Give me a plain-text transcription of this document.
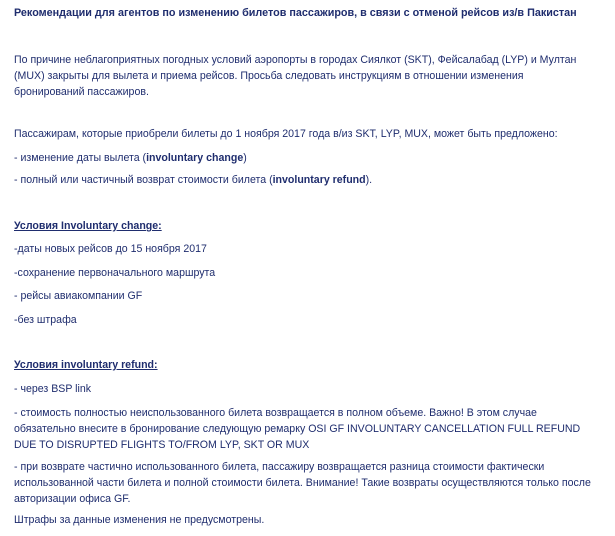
Рекомендации для агентов по изменению билетов пассажиров, в связи с отменой рейсов из/в Пакистан

По причине неблагоприятных погодных условий аэропорты в городах Сиялкот (SKT), Фейсалабад (LYP) и Мултан (MUX) закрыты для вылета и приема рейсов. Просьба следовать инструкциям в отношении изменения бронирований пассажиров.

Пассажирам, которые приобрели билеты до 1 ноября 2017 года в/из SKT, LYP, MUX, может быть предложено:

- изменение даты вылета (involuntary change)

- полный или частичный возврат стоимости билета (involuntary refund).

Условия Involuntary change:

-даты новых рейсов до 15 ноября 2017

-сохранение первоначального маршрута

- рейсы авиакомпании GF

-без штрафа

Условия involuntary refund:

- через BSP link

- стоимость полностью неиспользованного билета возвращается в полном объеме. Важно! В этом случае обязательно внесите в бронирование следующую ремарку OSI GF INVOLUNTARY CANCELLATION FULL REFUND DUE TO DISRUPTED FLIGHTS TO/FROM LYP, SKT OR MUX

- при возврате частично использованного билета, пассажиру возвращается разница стоимости фактически использованной части билета и полной стоимости билета. Внимание! Такие возвраты осуществляются только после авторизации офиса GF.

Штрафы за данные изменения не предусмотрены.
